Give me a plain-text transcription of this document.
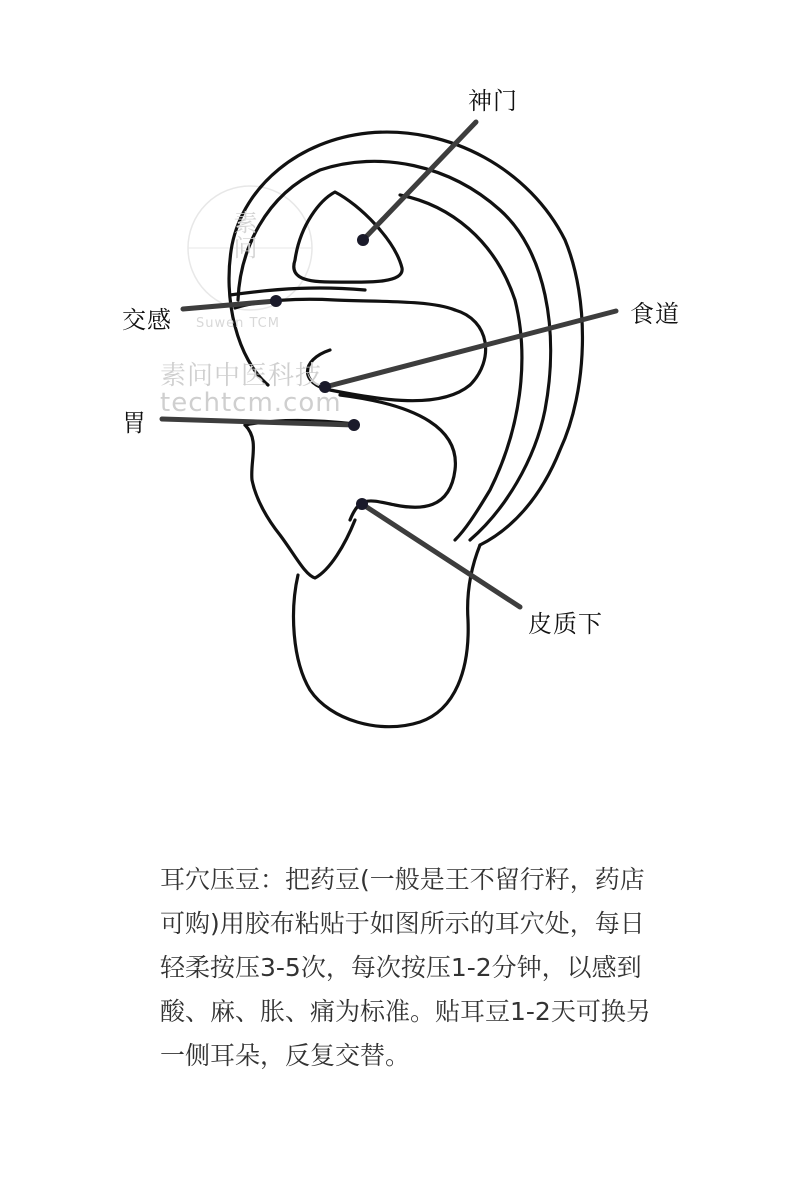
素问
Suwen TCM
素问中医科技
techtcm.com
神门
交感	食道
胃
皮质下

耳穴压豆：把药豆(一般是王不留行籽，药店可购)用胶布粘贴于如图所示的耳穴处，每日轻柔按压3-5次，每次按压1-2分钟，以感到酸、麻、胀、痛为标准。贴耳豆1-2天可换另一侧耳朵，反复交替。
